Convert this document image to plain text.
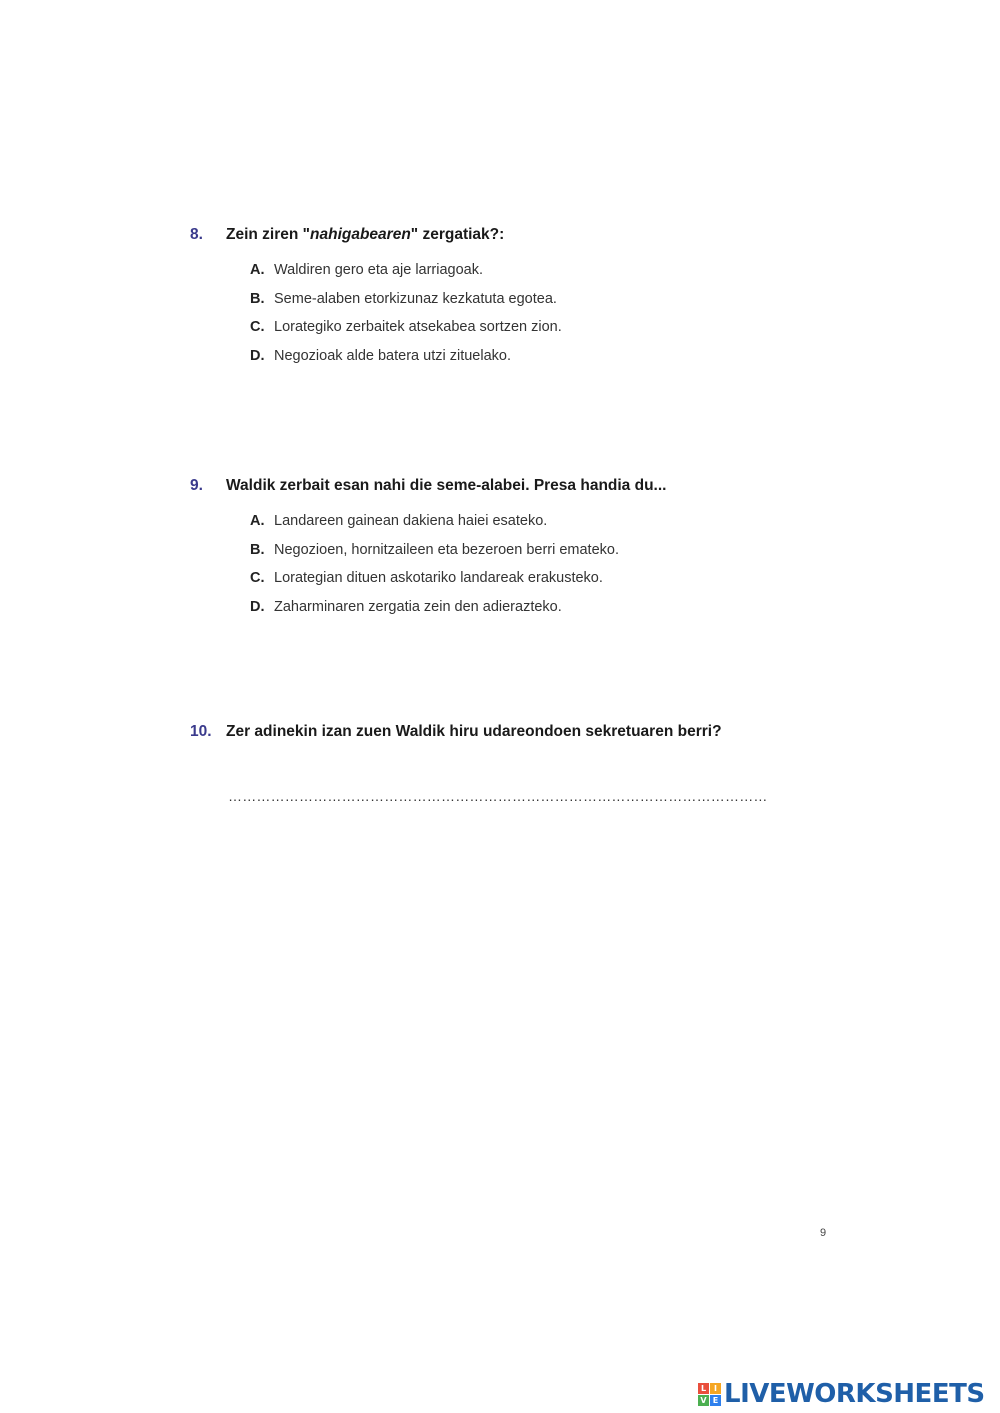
8.	Zein ziren "nahigabearen" zergatiak?:
A. Waldiren gero eta aje larriagoak.
B. Seme-alaben etorkizunaz kezkatuta egotea.
C. Lorategiko zerbaitek atsekabea sortzen zion.
D. Negozioak alde batera utzi zituelako.
9.	Waldik zerbait esan nahi die seme-alabei. Presa handia du...
A. Landareen gainean dakiena haiei esateko.
B. Negozioen, hornitzaileen eta bezeroen berri emateko.
C. Lorategian dituen askotariko landareak erakusteko.
D. Zaharminaren zergatia zein den adierazteko.
10. Zer adinekin izan zuen Waldik hiru udareondoen sekretuaren berri?
……………………………………………………………………………………………………
9
L I
V E LIVEWORKSHEETS
